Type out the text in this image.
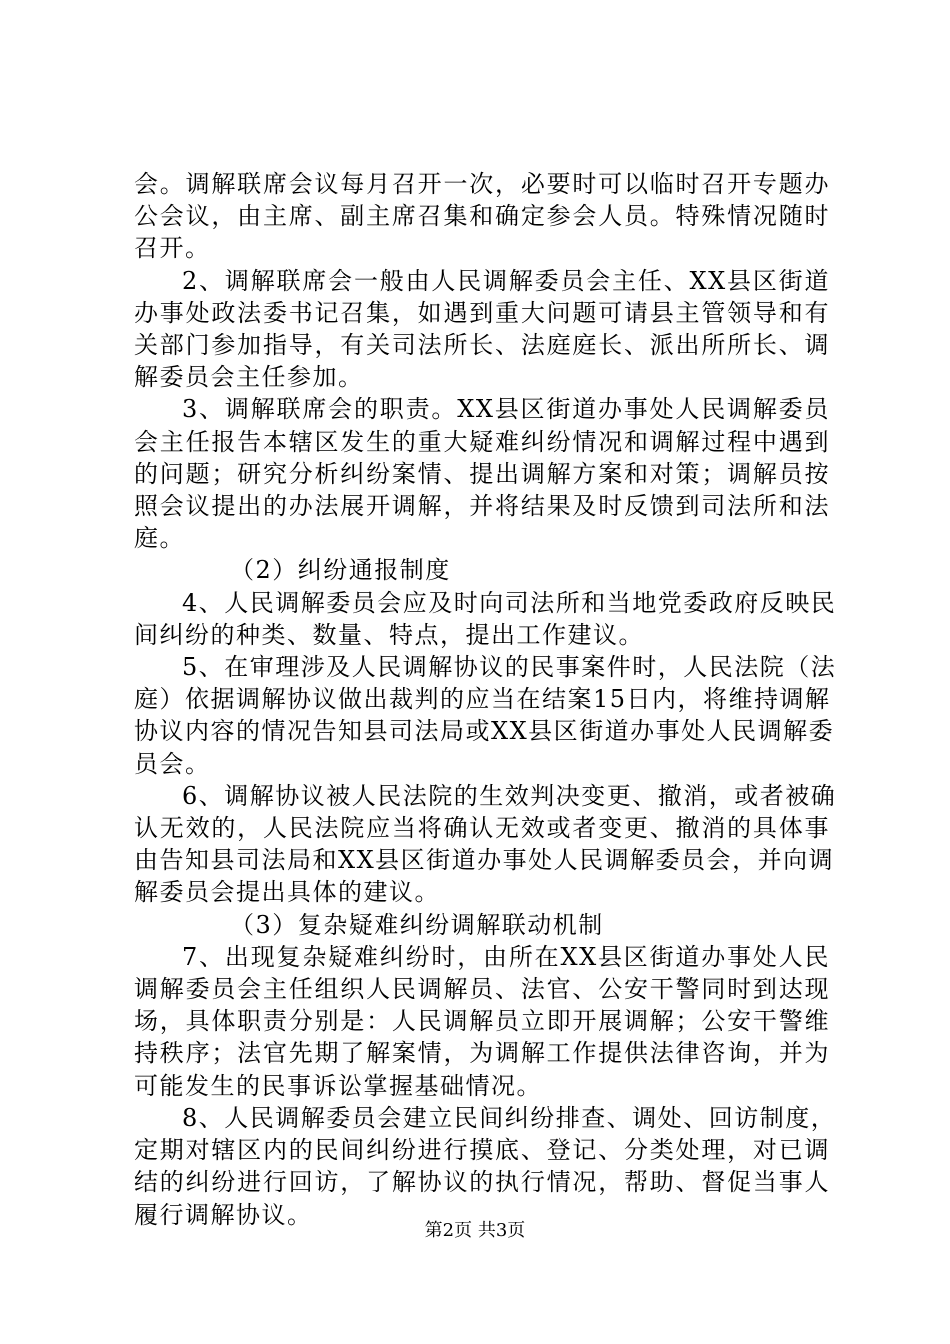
会。调解联席会议每月召开一次，必要时可以临时召开专题办
公会议，由主席、副主席召集和确定参会人员。特殊情况随时
召开。
2、调解联席会一般由人民调解委员会主任、XX县区街道
办事处政法委书记召集，如遇到重大问题可请县主管领导和有
关部门参加指导，有关司法所长、法庭庭长、派出所所长、调
解委员会主任参加。
3、调解联席会的职责。XX县区街道办事处人民调解委员
会主任报告本辖区发生的重大疑难纠纷情况和调解过程中遇到
的问题；研究分析纠纷案情、提出调解方案和对策；调解员按
照会议提出的办法展开调解，并将结果及时反馈到司法所和法
庭。
（2）纠纷通报制度
4、人民调解委员会应及时向司法所和当地党委政府反映民
间纠纷的种类、数量、特点，提出工作建议。
5、在审理涉及人民调解协议的民事案件时，人民法院（法
庭）依据调解协议做出裁判的应当在结案15日内，将维持调解
协议内容的情况告知县司法局或XX县区街道办事处人民调解委
员会。
6、调解协议被人民法院的生效判决变更、撤消，或者被确
认无效的，人民法院应当将确认无效或者变更、撤消的具体事
由告知县司法局和XX县区街道办事处人民调解委员会，并向调
解委员会提出具体的建议。
（3）复杂疑难纠纷调解联动机制
7、出现复杂疑难纠纷时，由所在XX县区街道办事处人民
调解委员会主任组织人民调解员、法官、公安干警同时到达现
场，具体职责分别是：人民调解员立即开展调解；公安干警维
持秩序；法官先期了解案情，为调解工作提供法律咨询，并为
可能发生的民事诉讼掌握基础情况。
8、人民调解委员会建立民间纠纷排查、调处、回访制度，
定期对辖区内的民间纠纷进行摸底、登记、分类处理，对已调
结的纠纷进行回访，了解协议的执行情况，帮助、督促当事人
履行调解协议。
第2页 共3页
